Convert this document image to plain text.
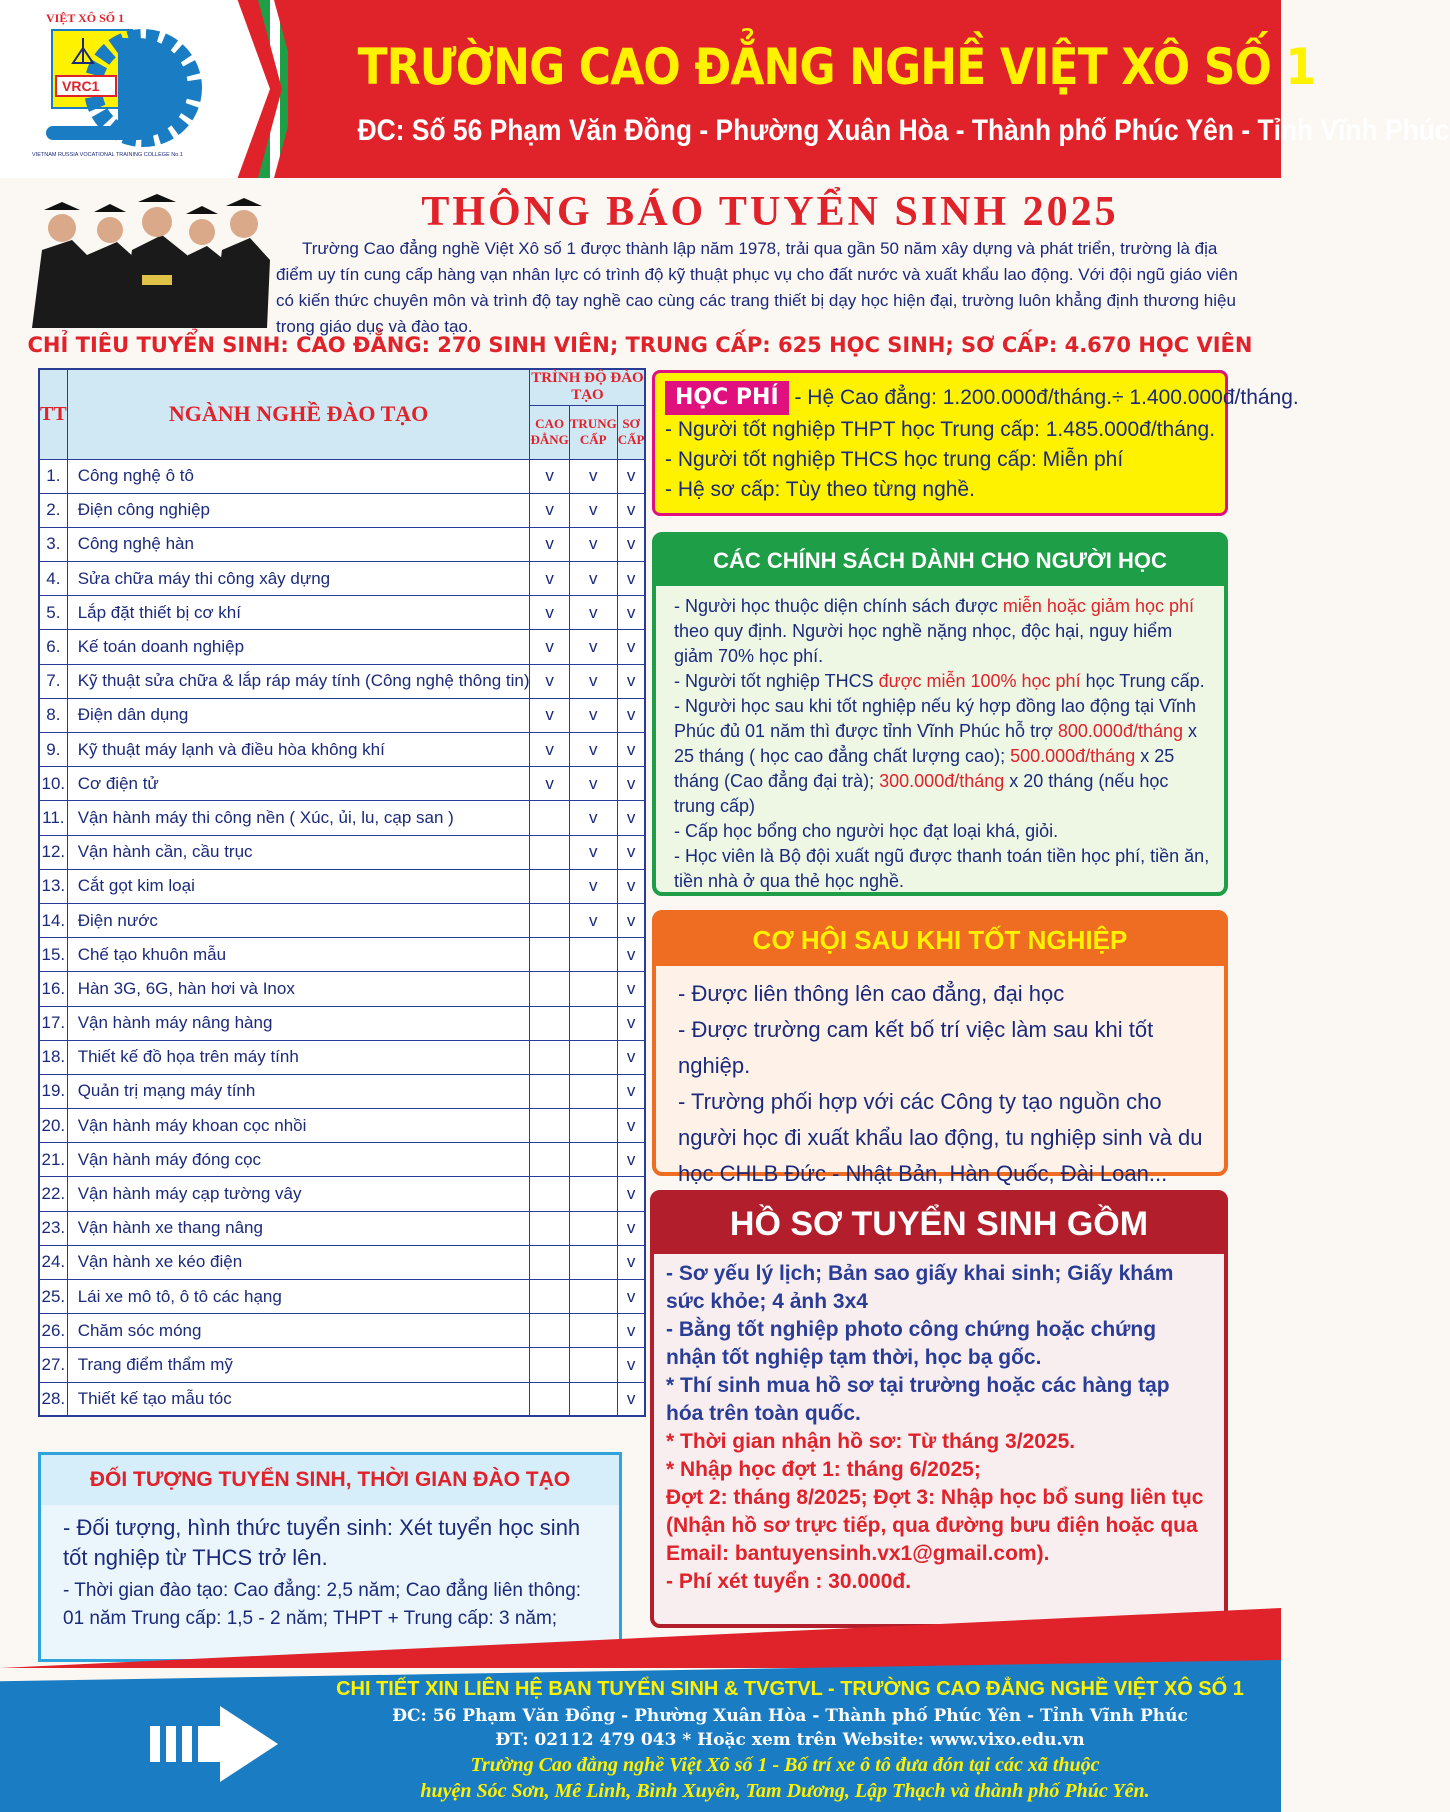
VIỆT XÔ SỐ 1
VRC1
VIETNAM RUSSIA VOCATIONAL TRAINING COLLEGE No.1
TRƯỜNG CAO ĐẲNG NGHỀ VIỆT XÔ SỐ 1
ĐC: Số 56 Phạm Văn Đồng - Phường Xuân Hòa - Thành phố Phúc Yên - Tỉnh Vĩnh Phúc
THÔNG BÁO TUYỂN SINH 2025
Trường Cao đẳng nghề Việt Xô số 1 được thành lập năm 1978, trải qua gần 50 năm xây dựng và phát triển, trường là địa điểm uy tín cung cấp hàng vạn nhân lực có trình độ kỹ thuật phục vụ cho đất nước và xuất khẩu lao động. Với đội ngũ giáo viên có kiến thức chuyên môn và trình độ tay nghề cao cùng các trang thiết bị dạy học hiện đại, trường luôn khẳng định thương hiệu trong giáo dục và đào tạo.
CHỈ TIÊU TUYỂN SINH: CAO ĐẲNG: 270 SINH VIÊN; TRUNG CẤP: 625 HỌC SINH; SƠ CẤP: 4.670 HỌC VIÊN
TT	NGÀNH NGHỀ ĐÀO TẠO	TRÌNH ĐỘ ĐÀO TẠO		
		CAO ĐẲNG	TRUNG CẤP	SƠ CẤP
1.	Công nghệ ô tô	v	v	v
2.	Điện công nghiệp	v	v	v
3.	Công nghệ hàn	v	v	v
4.	Sửa chữa máy thi công xây dựng	v	v	v
5.	Lắp đặt thiết bị cơ khí	v	v	v
6.	Kế toán doanh nghiệp	v	v	v
7.	Kỹ thuật sửa chữa & lắp ráp máy tính (Công nghệ thông tin)	v	v	v
8.	Điện dân dụng	v	v	v
9.	Kỹ thuật máy lạnh và điều hòa không khí	v	v	v
10.	Cơ điện tử	v	v	v
11.	Vận hành máy thi công nền ( Xúc, ủi, lu, cạp san )		v	v
12.	Vận hành cần, cầu trục		v	v
13.	Cắt gọt kim loại		v	v
14.	Điện nước		v	v
15.	Chế tạo khuôn mẫu			v
16.	Hàn 3G, 6G, hàn hơi và Inox			v
17.	Vận hành máy nâng hàng			v
18.	Thiết kế đồ họa trên máy tính			v
19.	Quản trị mạng máy tính			v
20.	Vận hành máy khoan cọc nhồi			v
21.	Vận hành máy đóng cọc			v
22.	Vận hành máy cạp tường vây			v
23.	Vận hành xe thang nâng			v
24.	Vận hành xe kéo điện			v
25.	Lái xe mô tô, ô tô các hạng			v
26.	Chăm sóc móng			v
27.	Trang điểm thẩm mỹ			v
28.	Thiết kế tạo mẫu tóc			v
HỌC PHÍ - Hệ Cao đẳng: 1.200.000đ/tháng.÷ 1.400.000đ/tháng.
- Người tốt nghiệp THPT học Trung cấp: 1.485.000đ/tháng.
- Người tốt nghiệp THCS học trung cấp: Miễn phí
- Hệ sơ cấp: Tùy theo từng nghề.
CÁC CHÍNH SÁCH DÀNH CHO NGƯỜI HỌC
- Người học thuộc diện chính sách được miễn hoặc giảm học phí theo quy định. Người học nghề nặng nhọc, độc hại, nguy hiểm giảm 70% học phí.
- Người tốt nghiệp THCS được miễn 100% học phí học Trung cấp.
- Người học sau khi tốt nghiệp nếu ký hợp đồng lao động tại Vĩnh Phúc đủ 01 năm thì được tỉnh Vĩnh Phúc hỗ trợ 800.000đ/tháng x 25 tháng ( học cao đẳng chất lượng cao); 500.000đ/tháng x 25 tháng (Cao đẳng đại trà); 300.000đ/tháng x 20 tháng (nếu học trung cấp)
- Cấp học bổng cho người học đạt loại khá, giỏi.
- Học viên là Bộ đội xuất ngũ được thanh toán tiền học phí, tiền ăn, tiền nhà ở qua thẻ học nghề.
CƠ HỘI SAU KHI TỐT NGHIỆP
- Được liên thông lên cao đẳng, đại học
- Được trường cam kết bố trí việc làm sau khi tốt nghiệp.
- Trường phối hợp với các Công ty tạo nguồn cho người học đi xuất khẩu lao động, tu nghiệp sinh và du học CHLB Đức - Nhật Bản, Hàn Quốc, Đài Loan...
HỒ SƠ TUYỂN SINH GỒM
- Sơ yếu lý lịch; Bản sao giấy khai sinh; Giấy khám sức khỏe; 4 ảnh 3x4
- Bằng tốt nghiệp photo công chứng hoặc chứng nhận tốt nghiệp tạm thời, học bạ gốc.
* Thí sinh mua hồ sơ tại trường hoặc các hàng tạp hóa trên toàn quốc.
* Thời gian nhận hồ sơ: Từ tháng 3/2025.
* Nhập học đợt 1: tháng 6/2025;
Đợt 2: tháng 8/2025; Đợt 3: Nhập học bổ sung liên tục (Nhận hồ sơ trực tiếp, qua đường bưu điện hoặc qua Email: bantuyensinh.vx1@gmail.com).
- Phí xét tuyển : 30.000đ.
ĐỐI TƯỢNG TUYỂN SINH, THỜI GIAN ĐÀO TẠO
- Đối tượng, hình thức tuyển sinh: Xét tuyển học sinh tốt nghiệp từ THCS trở lên.
- Thời gian đào tạo: Cao đẳng: 2,5 năm; Cao đẳng liên thông: 01 năm Trung cấp: 1,5 - 2 năm; THPT + Trung cấp: 3 năm;
CHI TIẾT XIN LIÊN HỆ BAN TUYỂN SINH & TVGTVL - TRƯỜNG CAO ĐẲNG NGHỀ VIỆT XÔ SỐ 1
ĐC: 56 Phạm Văn Đồng - Phường Xuân Hòa - Thành phố Phúc Yên - Tỉnh Vĩnh Phúc
ĐT: 02112 479 043 * Hoặc xem trên Website: www.vixo.edu.vn
Trường Cao đẳng nghề Việt Xô số 1 - Bố trí xe ô tô đưa đón tại các xã thuộc
huyện Sóc Sơn, Mê Linh, Bình Xuyên, Tam Dương, Lập Thạch và thành phố Phúc Yên.
